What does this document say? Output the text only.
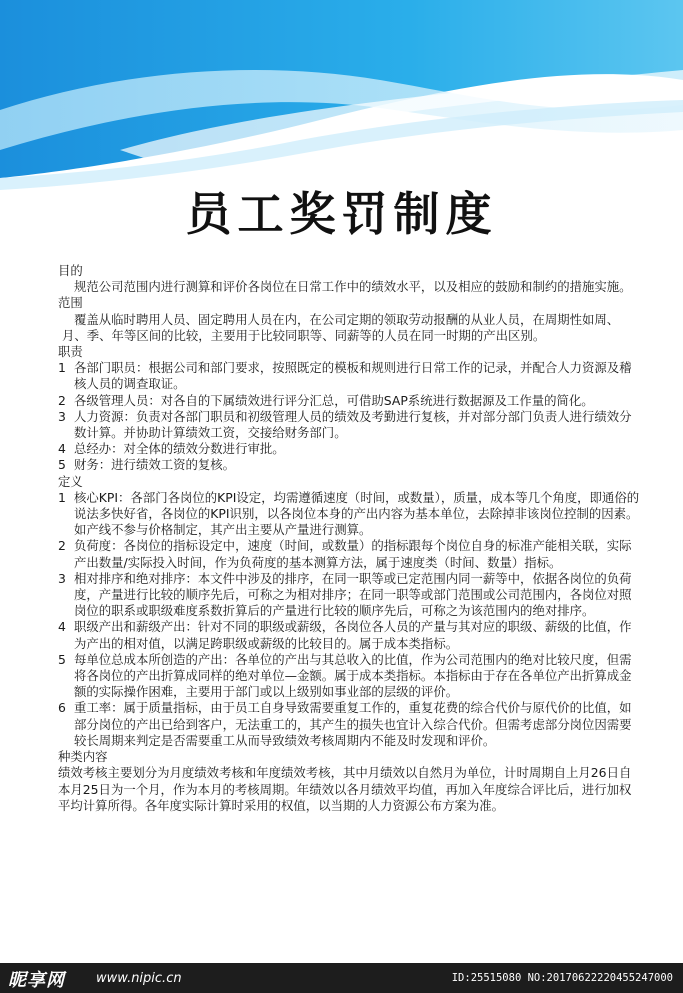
员工奖罚制度

目的

规范公司范围内进行测算和评价各岗位在日常工作中的绩效水平，以及相应的鼓励和制约的措施实施。

范围

覆盖从临时聘用人员、固定聘用人员在内，在公司定期的领取劳动报酬的从业人员，在周期性如周、月、季、年等区间的比较，主要用于比较同职等、同薪等的人员在同一时期的产出区别。

职责

1 各部门职员：根据公司和部门要求，按照既定的模板和规则进行日常工作的记录，并配合人力资源及稽核人员的调查取证。
2 各级管理人员：对各自的下属绩效进行评分汇总，可借助SAP系统进行数据源及工作量的简化。
3 人力资源：负责对各部门职员和初级管理人员的绩效及考勤进行复核，并对部分部门负责人进行绩效分数计算。并协助计算绩效工资，交接给财务部门。
4 总经办：对全体的绩效分数进行审批。
5 财务：进行绩效工资的复核。

定义

1 核心KPI：各部门各岗位的KPI设定，均需遵循速度（时间，或数量），质量，成本等几个角度，即通俗的说法多快好省，各岗位的KPI识别，以各岗位本身的产出内容为基本单位，去除掉非该岗位控制的因素。如产线不参与价格制定，其产出主要从产量进行测算。
2 负荷度：各岗位的指标设定中，速度（时间，或数量）的指标跟每个岗位自身的标准产能相关联，实际产出数量/实际投入时间，作为负荷度的基本测算方法，属于速度类（时间、数量）指标。
3 相对排序和绝对排序：本文件中涉及的排序，在同一职等或已定范围内同一薪等中，依据各岗位的负荷度，产量进行比较的顺序先后，可称之为相对排序；在同一职等或部门范围或公司范围内，各岗位对照岗位的职系或职级难度系数折算后的产量进行比较的顺序先后，可称之为该范围内的绝对排序。
4 职级产出和薪级产出：针对不同的职级或薪级，各岗位各人员的产量与其对应的职级、薪级的比值，作为产出的相对值，以满足跨职级或薪级的比较目的。属于成本类指标。
5 每单位总成本所创造的产出：各单位的产出与其总收入的比值，作为公司范围内的绝对比较尺度，但需将各岗位的产出折算成同样的绝对单位—金额。属于成本类指标。本指标由于存在各单位产出折算成金额的实际操作困难，主要用于部门或以上级别如事业部的层级的评价。
6 重工率：属于质量指标，由于员工自身导致需要重复工作的，重复花费的综合代价与原代价的比值，如部分岗位的产出已给到客户，无法重工的，其产生的损失也宜计入综合代价。但需考虑部分岗位因需要较长周期来判定是否需要重工从而导致绩效考核周期内不能及时发现和评价。

种类内容

绩效考核主要划分为月度绩效考核和年度绩效考核，其中月绩效以自然月为单位，计时周期自上月26日自本月25日为一个月，作为本月的考核周期。年绩效以各月绩效平均值，再加入年度综合评比后，进行加权平均计算所得。各年度实际计算时采用的权值，以当期的人力资源公布方案为准。

昵享网 www.nipic.cn	ID:25515080 NO:20170622220455247000
